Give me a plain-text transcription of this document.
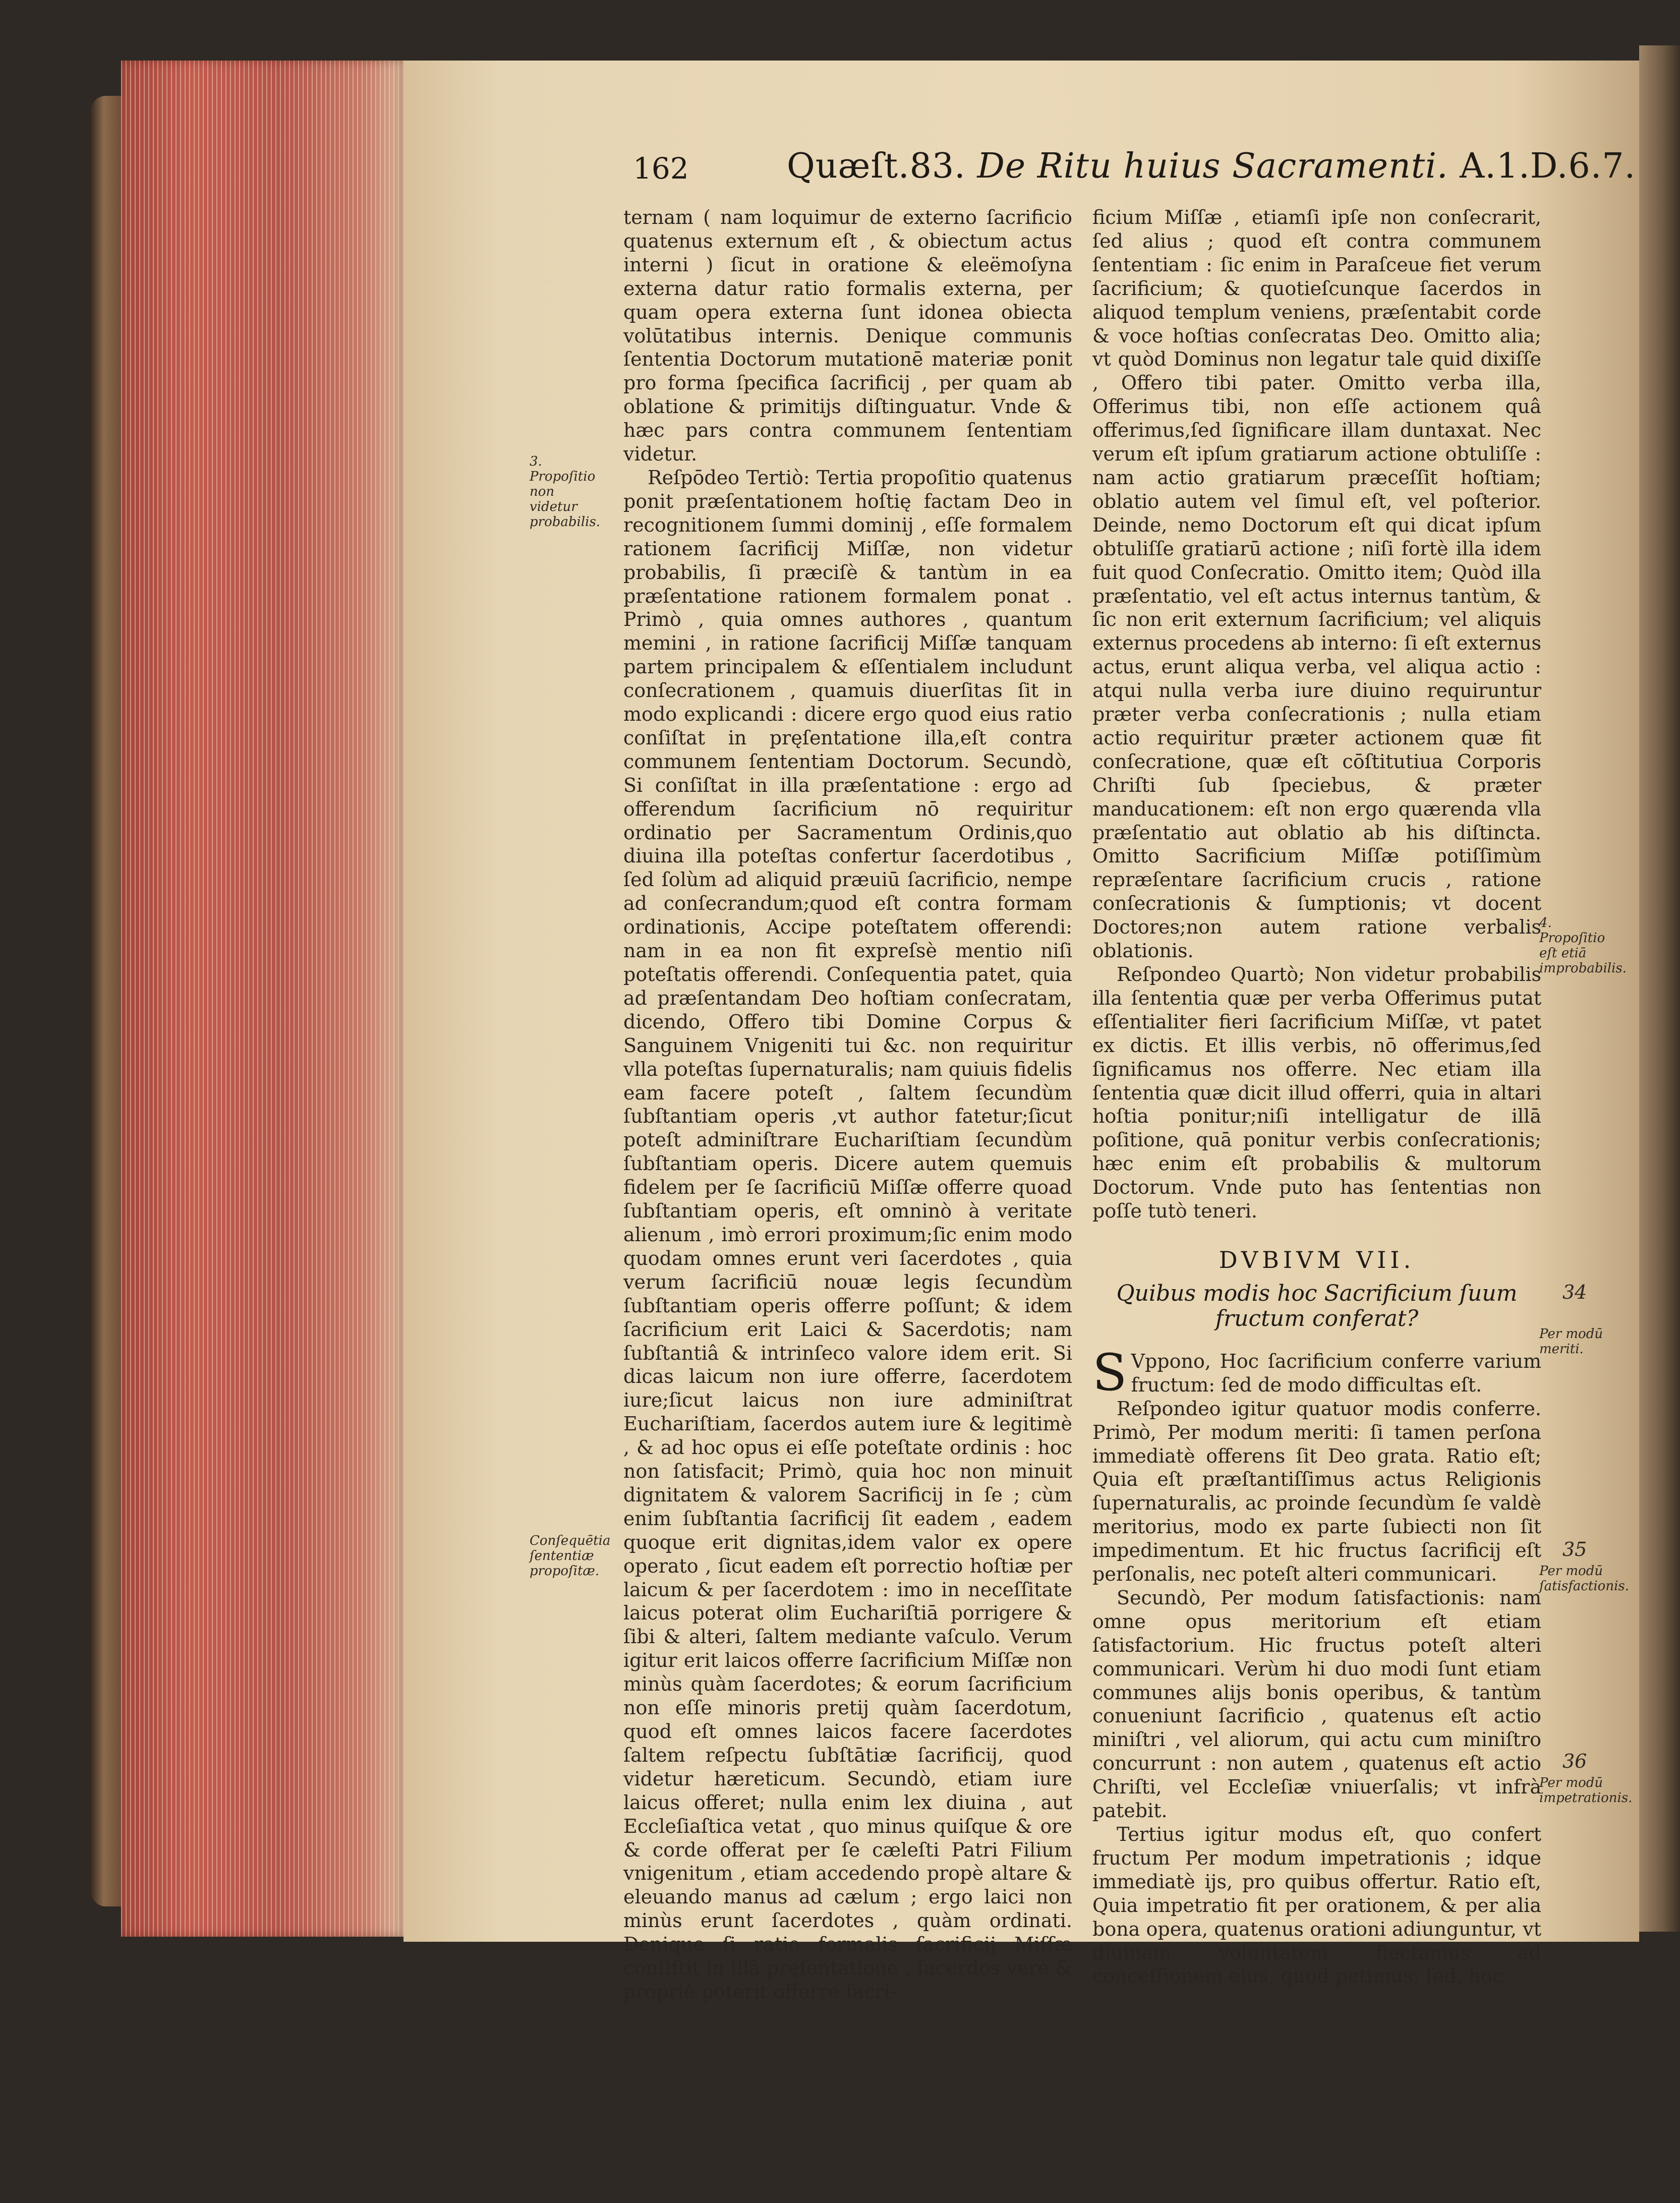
162	Quæſt.83. De Ritu huius Sacramenti. A.1.D.6.7.
3. Propoſitio non videtur probabilis.
Conſequētia ſententiæ propoſitæ.

ternam ( nam loquimur de externo ſacrificio quatenus externum eſt , & obiectum actus interni ) ſicut in oratione & eleëmoſyna externa datur ratio formalis externa, per quam opera externa ſunt idonea obiecta volūtatibus internis. Denique communis ſententia Doctorum mutationē materiæ ponit pro forma ſpecifica ſacrificij , per quam ab oblatione & primitijs diſtinguatur. Vnde & hæc pars contra communem ſententiam videtur.

Reſpōdeo Tertiò: Tertia propoſitio quatenus ponit præſentationem hoſtię factam Deo in recognitionem ſummi dominij , eſſe formalem rationem ſacrificij Miſſæ, non videtur probabilis, ſi præciſè & tantùm in ea præſentatione rationem formalem ponat . Primò , quia omnes authores , quantum memini , in ratione ſacrificij Miſſæ tanquam partem principalem & eſſentialem includunt conſecrationem , quamuis diuerſitas ſit in modo explicandi : dicere ergo quod eius ratio conſiſtat in pręſentatione illa,eſt contra communem ſententiam Doctorum. Secundò, Si conſiſtat in illa præſentatione : ergo ad offerendum ſacrificium nō requiritur ordinatio per Sacramentum Ordinis,quo diuina illa poteſtas confertur ſacerdotibus , ſed ſolùm ad aliquid præuiū ſacrificio, nempe ad conſecrandum;quod eſt contra formam ordinationis, Accipe poteſtatem offerendi: nam in ea non fit expreſsè mentio niſi poteſtatis offerendi. Conſequentia patet, quia ad præſentandam Deo hoſtiam conſecratam, dicendo, Offero tibi Domine Corpus & Sanguinem Vnigeniti tui &c. non requiritur vlla poteſtas ſupernaturalis; nam quiuis fidelis eam facere poteſt , ſaltem ſecundùm ſubſtantiam operis ,vt author fatetur;ſicut poteſt adminiſtrare Euchariſtiam ſecundùm ſubſtantiam operis. Dicere autem quemuis fidelem per ſe ſacrificiū Miſſæ offerre quoad ſubſtantiam operis, eſt omninò à veritate alienum , imò errori proximum;ſic enim modo quodam omnes erunt veri ſacerdotes , quia verum ſacrificiū nouæ legis ſecundùm ſubſtantiam operis offerre poſſunt; & idem ſacrificium erit Laici & Sacerdotis; nam ſubſtantiâ & intrinſeco valore idem erit. Si dicas laicum non iure offerre, ſacerdotem iure;ſicut laicus non iure adminiſtrat Euchariſtiam, ſacerdos autem iure & legitimè , & ad hoc opus ei eſſe poteſtate ordinis : hoc non ſatisfacit; Primò, quia hoc non minuit dignitatem & valorem Sacrificij in ſe ; cùm enim ſubſtantia ſacrificij ſit eadem , eadem quoque erit dignitas,idem valor ex opere operato , ſicut eadem eſt porrectio hoſtiæ per laicum & per ſacerdotem : imo in neceſſitate laicus poterat olim Euchariſtiā porrigere & ſibi & alteri, ſaltem mediante vaſculo. Verum igitur erit laicos offerre ſacrificium Miſſæ non minùs quàm ſacerdotes; & eorum ſacrificium non eſſe minoris pretij quàm ſacerdotum, quod eſt omnes laicos facere ſacerdotes ſaltem reſpectu ſubſtātiæ ſacrificij, quod videtur hæreticum. Secundò, etiam iure laicus offeret; nulla enim lex diuina , aut Eccleſiaſtica vetat , quo minus quiſque & ore & corde offerat per ſe cæleſti Patri Filium vnigenitum , etiam accedendo propè altare & eleuando manus ad cælum ; ergo laici non minùs erunt ſacerdotes , quàm ordinati. Denique ſi ratio formalis ſacrificij Miſſæ conſiſtit in illā pręſentatione , ſacerdos verè & propriè poterit offerre ſacri-

ficium Miſſæ , etiamſi ipſe non conſecrarit, ſed alius ; quod eſt contra communem ſententiam : ſic enim in Paraſceue fiet verum ſacrificium; & quotieſcunque ſacerdos in aliquod templum veniens, præſentabit corde & voce hoſtias conſecratas Deo. Omitto alia; vt quòd Dominus non legatur tale quid dixiſſe , Offero tibi pater. Omitto verba illa, Offerimus tibi, non eſſe actionem quâ offerimus,ſed ſignificare illam duntaxat. Nec verum eſt ipſum gratiarum actione obtuliſſe : nam actio gratiarum præceſſit hoſtiam; oblatio autem vel ſimul eſt, vel poſterior. Deinde, nemo Doctorum eſt qui dicat ipſum obtuliſſe gratiarū actione ; niſi fortè illa idem fuit quod Conſecratio. Omitto item; Quòd illa præſentatio, vel eſt actus internus tantùm, & ſic non erit externum ſacrificium; vel aliquis externus procedens ab interno: ſi eſt externus actus, erunt aliqua verba, vel aliqua actio : atqui nulla verba iure diuino requiruntur præter verba conſecrationis ; nulla etiam actio requiritur præter actionem quæ fit conſecratione, quæ eſt cōſtitutiua Corporis Chriſti ſub ſpeciebus, & præter manducationem: eſt non ergo quærenda vlla præſentatio aut oblatio ab his diſtincta. Omitto Sacrificium Miſſæ potiſſimùm repræſentare ſacrificium crucis , ratione conſecrationis & ſumptionis; vt docent Doctores;non autem ratione verbalis oblationis.

Reſpondeo Quartò; Non videtur probabilis illa ſententia quæ per verba Offerimus putat eſſentialiter fieri ſacrificium Miſſæ, vt patet ex dictis. Et illis verbis, nō offerimus,ſed ſignificamus nos offerre. Nec etiam illa ſententia quæ dicit illud offerri, quia in altari hoſtia ponitur;niſi intelligatur de illā poſitione, quā ponitur verbis conſecrationis; hæc enim eſt probabilis & multorum Doctorum. Vnde puto has ſententias non poſſe tutò teneri.

DVBIVM VII.
Quibus modis hoc Sacrificium ſuum fructum conferat?

S Vppono, Hoc ſacrificium conferre varium fructum: ſed de modo difficultas eſt.

Reſpondeo igitur quatuor modis conferre. Primò, Per modum meriti: ſi tamen perſona immediatè offerens ſit Deo grata. Ratio eſt; Quia eſt præſtantiſſimus actus Religionis ſupernaturalis, ac proinde ſecundùm ſe valdè meritorius, modo ex parte ſubiecti non ſit impedimentum. Et hic fructus ſacrificij eſt perſonalis, nec poteſt alteri communicari.

Secundò, Per modum ſatisfactionis: nam omne opus meritorium eſt etiam ſatisfactorium. Hic fructus poteſt alteri communicari. Verùm hi duo modi ſunt etiam communes alijs bonis operibus, & tantùm conueniunt ſacrificio , quatenus eſt actio miniſtri , vel aliorum, qui actu cum miniſtro concurrunt : non autem , quatenus eſt actio Chriſti, vel Eccleſiæ vniuerſalis; vt infrà patebit.

Tertius igitur modus eſt, quo confert fructum Per modum impetrationis ; idque immediatè ijs, pro quibus offertur. Ratio eſt, Quia impetratio fit per orationem, & per alia bona opera, quatenus orationi adiunguntur, vt diuinam voluntatem flectamus ad conceſſionem eius, quod petimus; ſed, hoc

4. Propoſitio eſt etiā improbabilis.
Per modū meriti.
Per modū ſatisfactionis.
Per modū impetrationis.
34
35
36
